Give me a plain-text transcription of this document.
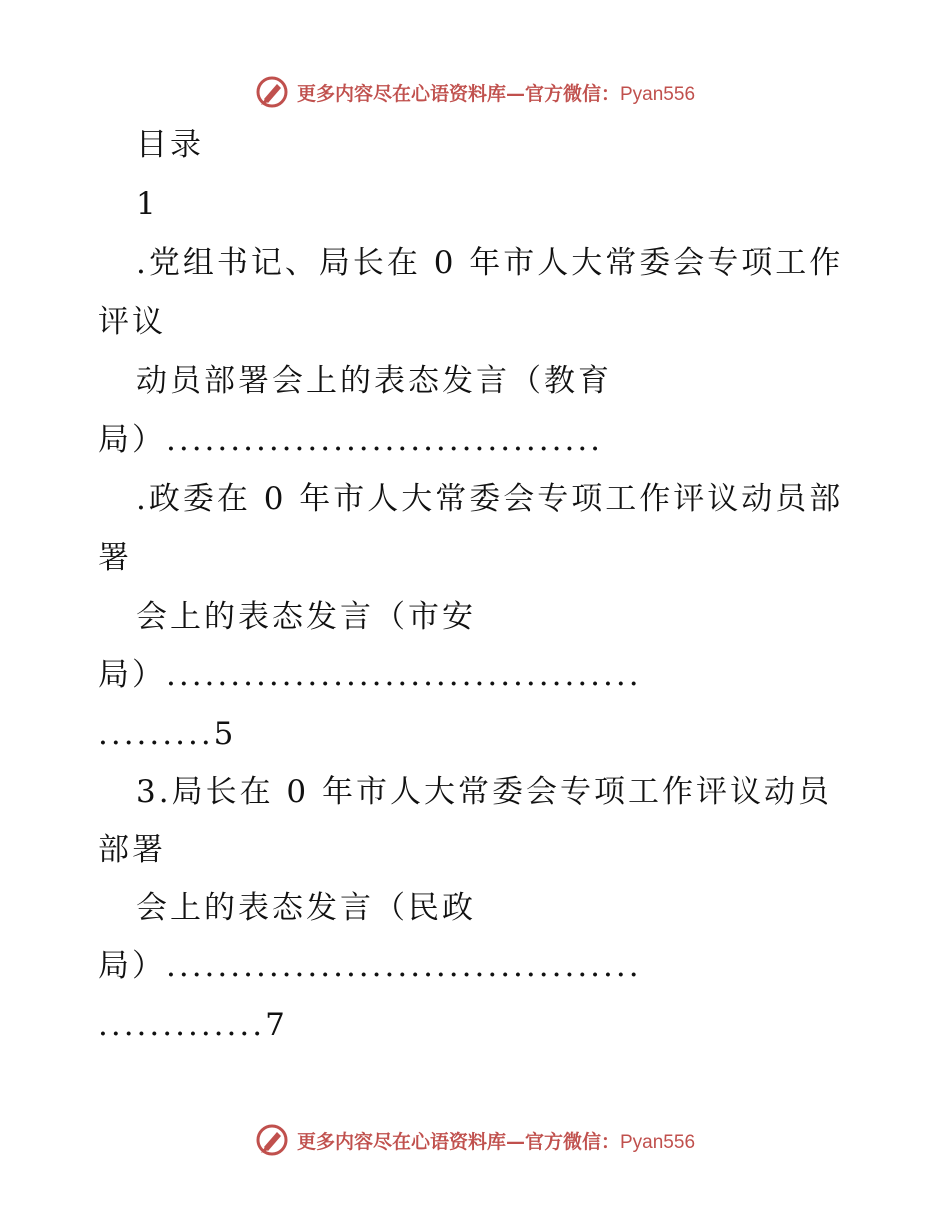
更多内容尽在心语资料库—官方微信：Pyan556
目录
1
.党组书记、局长在 0 年市人大常委会专项工作
评议
动员部署会上的表态发言（教育
局）..................................
.政委在 0 年市人大常委会专项工作评议动员部
署
会上的表态发言（市安
局）.....................................
.........5
3.局长在 0 年市人大常委会专项工作评议动员
部署
会上的表态发言（民政
局）.....................................
.............7
更多内容尽在心语资料库—官方微信：Pyan556
